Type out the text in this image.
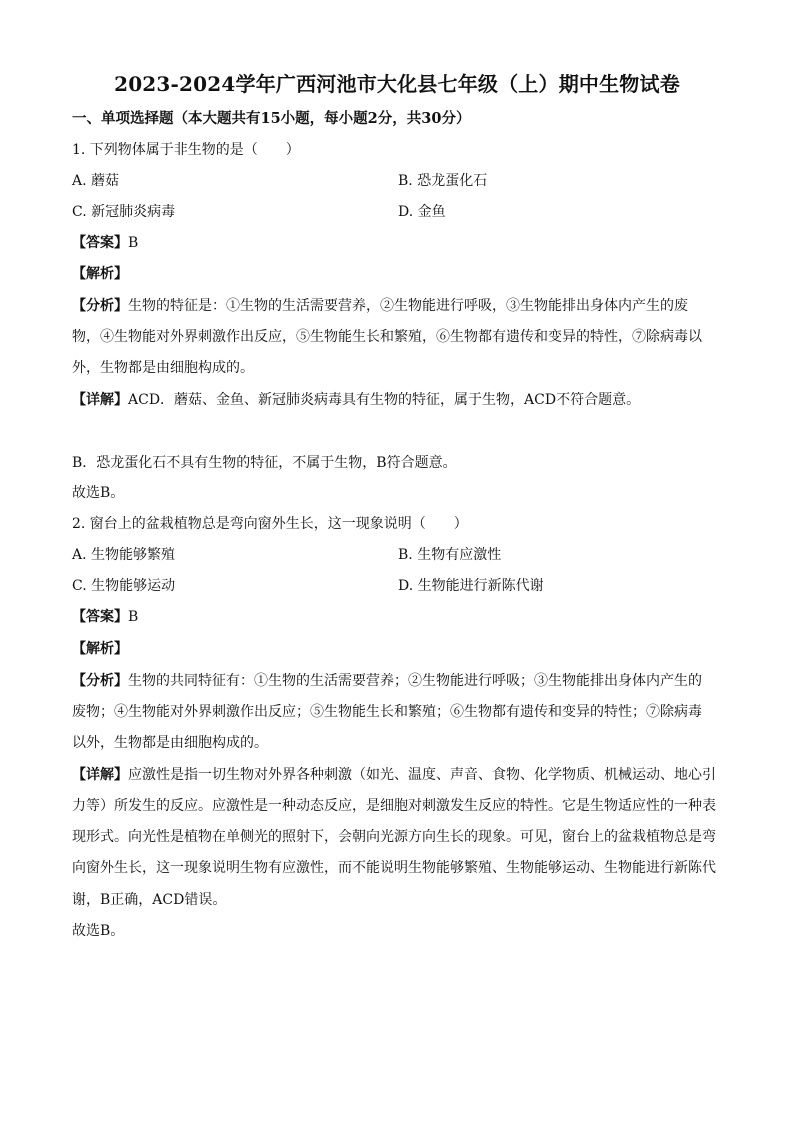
2023-2024学年广西河池市大化县七年级（上）期中生物试卷
一、单项选择题（本大题共有15小题，每小题2分，共30分）
1. 下列物体属于非生物的是（　　）
A. 蘑菇	B. 恐龙蛋化石
C. 新冠肺炎病毒	D. 金鱼
【答案】B
【解析】
【分析】生物的特征是：①生物的生活需要营养，②生物能进行呼吸，③生物能排出身体内产生的废
物，④生物能对外界刺激作出反应，⑤生物能生长和繁殖，⑥生物都有遗传和变异的特性，⑦除病毒以
外，生物都是由细胞构成的。
【详解】ACD．蘑菇、金鱼、新冠肺炎病毒具有生物的特征，属于生物，ACD不符合题意。
B．恐龙蛋化石不具有生物的特征，不属于生物，B符合题意。
故选B。
2. 窗台上的盆栽植物总是弯向窗外生长，这一现象说明（　　）
A. 生物能够繁殖	B. 生物有应激性
C. 生物能够运动	D. 生物能进行新陈代谢
【答案】B
【解析】
【分析】生物的共同特征有：①生物的生活需要营养；②生物能进行呼吸；③生物能排出身体内产生的
废物；④生物能对外界刺激作出反应；⑤生物能生长和繁殖；⑥生物都有遗传和变异的特性；⑦除病毒
以外，生物都是由细胞构成的。
【详解】应激性是指一切生物对外界各种刺激（如光、温度、声音、食物、化学物质、机械运动、地心引
力等）所发生的反应。应激性是一种动态反应，是细胞对刺激发生反应的特性。它是生物适应性的一种表
现形式。向光性是植物在单侧光的照射下，会朝向光源方向生长的现象。可见，窗台上的盆栽植物总是弯
向窗外生长，这一现象说明生物有应激性，而不能说明生物能够繁殖、生物能够运动、生物能进行新陈代
谢，B正确，ACD错误。
故选B。
